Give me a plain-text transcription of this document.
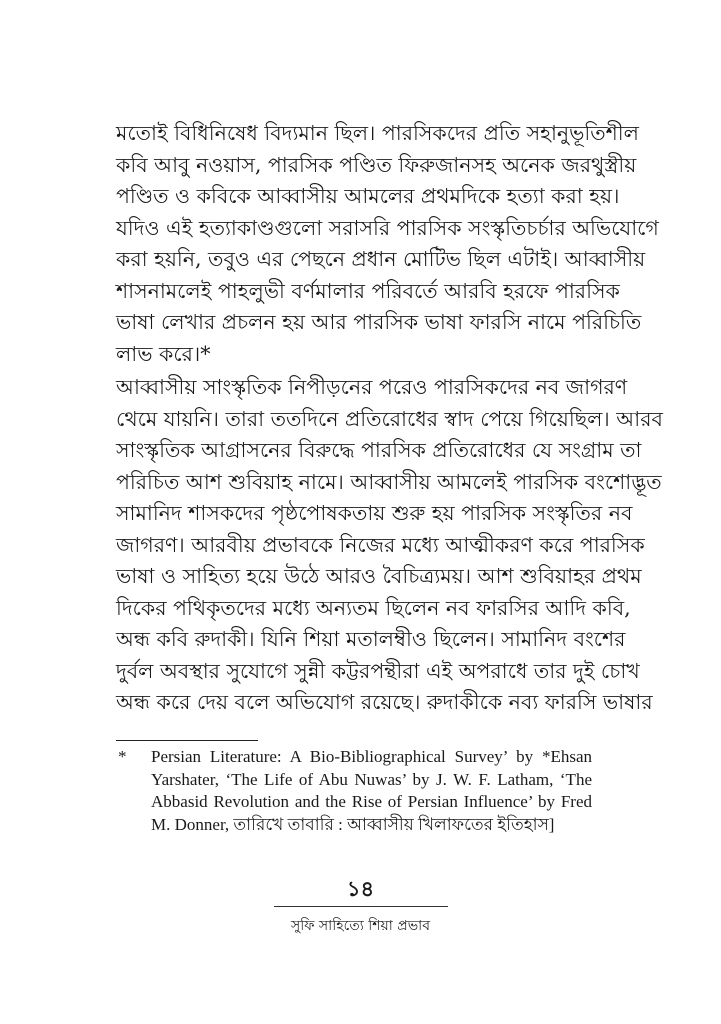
মতোই বিধিনিষেধ বিদ্যমান ছিল। পারসিকদের প্রতি সহানুভূতিশীল
কবি আবু নওয়াস, পারসিক পণ্ডিত ফিরুজানসহ অনেক জরথুস্ত্রীয়
পণ্ডিত ও কবিকে আব্বাসীয় আমলের প্রথমদিকে হত্যা করা হয়।
যদিও এই হত্যাকাণ্ডগুলো সরাসরি পারসিক সংস্কৃতিচর্চার অভিযোগে
করা হয়নি, তবুও এর পেছনে প্রধান মোটিভ ছিল এটাই। আব্বাসীয়
শাসনামলেই পাহলুভী বর্ণমালার পরিবর্তে আরবি হরফে পারসিক
ভাষা লেখার প্রচলন হয় আর পারসিক ভাষা ফারসি নামে পরিচিতি
লাভ করে।*

আব্বাসীয় সাংস্কৃতিক নিপীড়নের পরেও পারসিকদের নব জাগরণ
থেমে যায়নি। তারা ততদিনে প্রতিরোধের স্বাদ পেয়ে গিয়েছিল। আরব
সাংস্কৃতিক আগ্রাসনের বিরুদ্ধে পারসিক প্রতিরোধের যে সংগ্রাম তা
পরিচিত আশ শুবিয়াহ নামে। আব্বাসীয় আমলেই পারসিক বংশোদ্ভূত
সামানিদ শাসকদের পৃষ্ঠপোষকতায় শুরু হয় পারসিক সংস্কৃতির নব
জাগরণ। আরবীয় প্রভাবকে নিজের মধ্যে আত্মীকরণ করে পারসিক
ভাষা ও সাহিত্য হয়ে উঠে আরও বৈচিত্র্যময়। আশ শুবিয়াহর প্রথম
দিকের পথিকৃতদের মধ্যে অন্যতম ছিলেন নব ফারসির আদি কবি,
অন্ধ কবি রুদাকী। যিনি শিয়া মতালম্বীও ছিলেন। সামানিদ বংশের
দুর্বল অবস্থার সুযোগে সুন্নী কট্টরপন্থীরা এই অপরাধে তার দুই চোখ
অন্ধ করে দেয় বলে অভিযোগ রয়েছে। রুদাকীকে নব্য ফারসি ভাষার

* Persian Literature: A Bio-Bibliographical Survey’ by *Ehsan
Yarshater, ‘The Life of Abu Nuwas’ by J. W. F. Latham, ‘The
Abbasid Revolution and the Rise of Persian Influence’ by Fred
M. Donner, তারিখে তাবারি : আব্বাসীয় খিলাফতের ইতিহাস]
১৪
সুফি সাহিত্যে শিয়া প্রভাব
